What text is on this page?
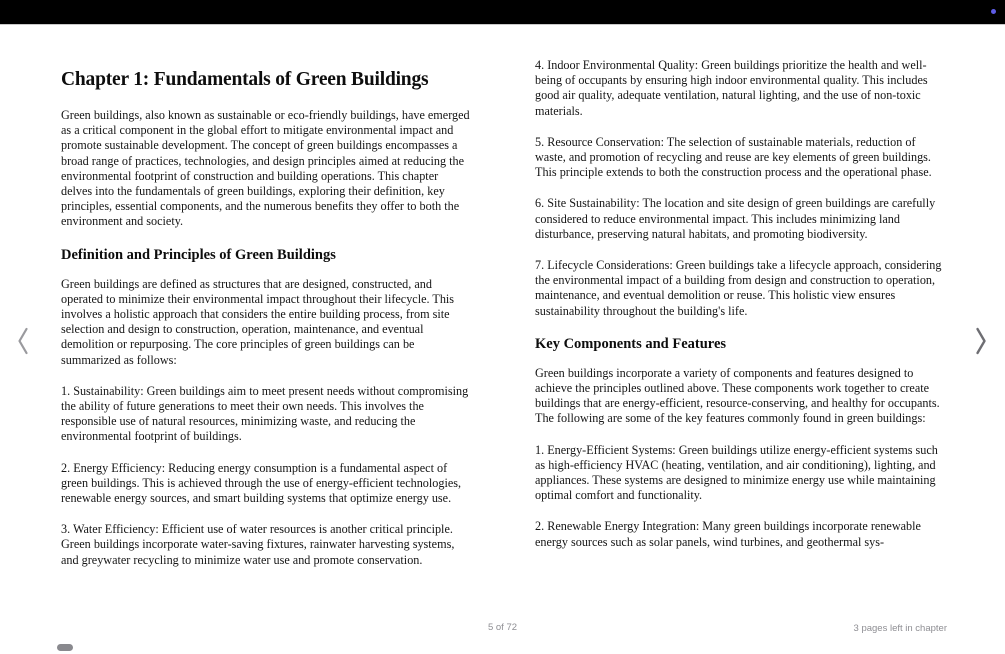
Chapter 1: Fundamentals of Green Buildings

Green buildings, also known as sustainable or eco-friendly buildings, have emerged as a critical component in the global effort to mitigate environmental impact and promote sustainable development. The concept of green buildings encompasses a broad range of practices, technologies, and design principles aimed at reducing the environmental footprint of construction and building operations. This chapter delves into the fundamentals of green buildings, exploring their definition, key principles, essential components, and the numerous benefits they offer to both the environment and society.

Definition and Principles of Green Buildings

Green buildings are defined as structures that are designed, constructed, and operated to minimize their environmental impact throughout their lifecycle. This involves a holistic approach that considers the entire building process, from site selection and design to construction, operation, maintenance, and eventual demolition or repurposing. The core principles of green buildings can be summarized as follows:

1. Sustainability: Green buildings aim to meet present needs without compromising the ability of future generations to meet their own needs. This involves the responsible use of natural resources, minimizing waste, and reducing the environmental footprint of buildings.

2. Energy Efficiency: Reducing energy consumption is a fundamental aspect of green buildings. This is achieved through the use of energy-efficient technologies, renewable energy sources, and smart building systems that optimize energy use.

3. Water Efficiency: Efficient use of water resources is another critical principle. Green buildings incorporate water-saving fixtures, rainwater harvesting systems, and greywater recycling to minimize water use and promote conservation.

4. Indoor Environmental Quality: Green buildings prioritize the health and well-being of occupants by ensuring high indoor environmental quality. This includes good air quality, adequate ventilation, natural lighting, and the use of non-toxic materials.

5. Resource Conservation: The selection of sustainable materials, reduction of waste, and promotion of recycling and reuse are key elements of green buildings. This principle extends to both the construction process and the operational phase.

6. Site Sustainability: The location and site design of green buildings are carefully considered to reduce environmental impact. This includes minimizing land disturbance, preserving natural habitats, and promoting biodiversity.

7. Lifecycle Considerations: Green buildings take a lifecycle approach, considering the environmental impact of a building from design and construction to operation, maintenance, and eventual demolition or reuse. This holistic view ensures sustainability throughout the building's life.

Key Components and Features

Green buildings incorporate a variety of components and features designed to achieve the principles outlined above. These components work together to create buildings that are energy-efficient, resource-conserving, and healthy for occupants. The following are some of the key features commonly found in green buildings:

1. Energy-Efficient Systems: Green buildings utilize energy-efficient systems such as high-efficiency HVAC (heating, ventilation, and air conditioning), lighting, and appliances. These systems are designed to minimize energy use while maintaining optimal comfort and functionality.

2. Renewable Energy Integration: Many green buildings incorporate renewable energy sources such as solar panels, wind turbines, and geothermal sys-

5 of 72	3 pages left in chapter
